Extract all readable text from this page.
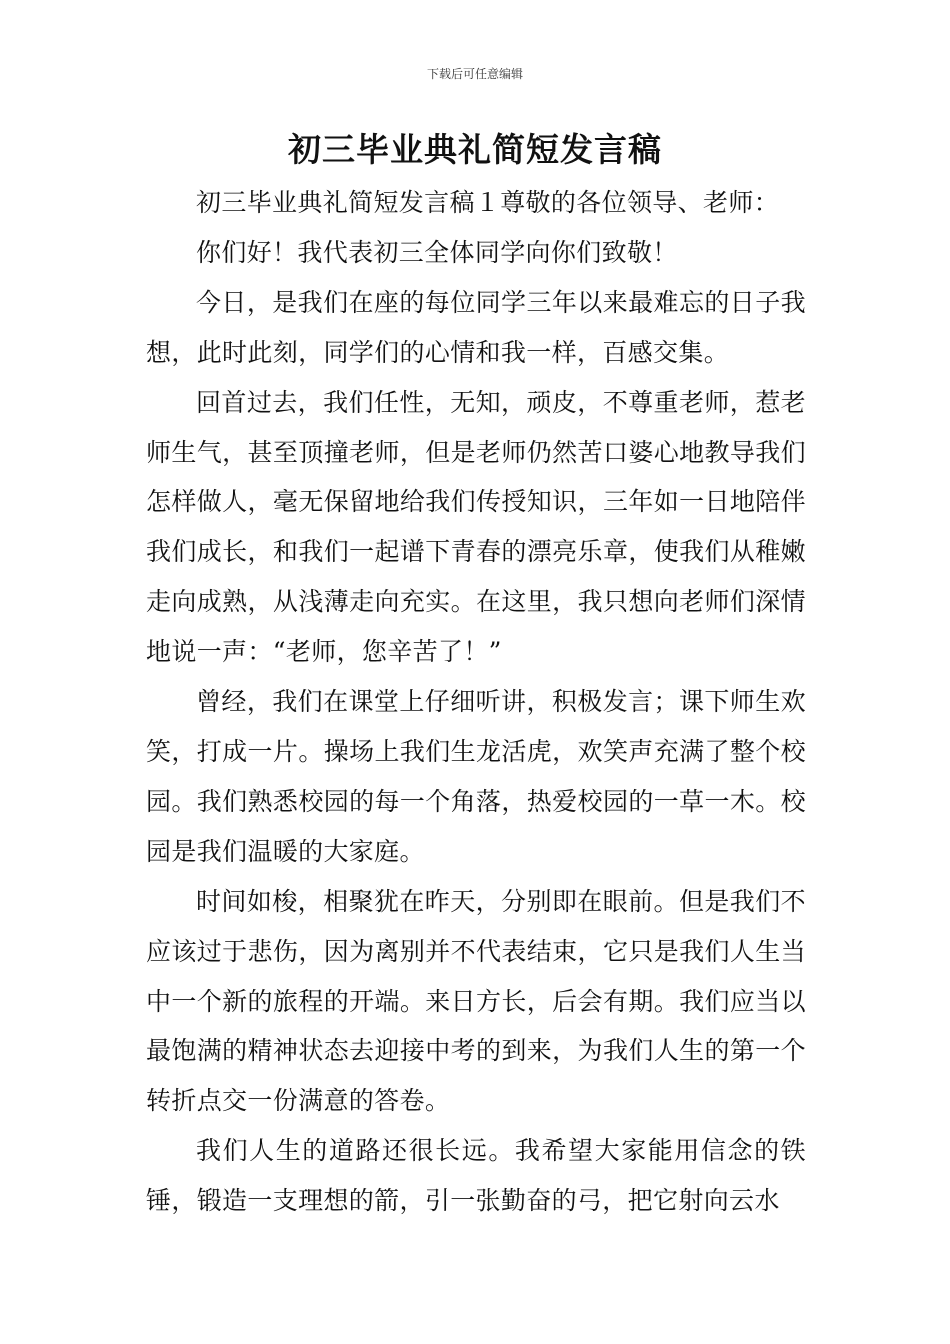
下载后可任意编辑
初三毕业典礼简短发言稿

初三毕业典礼简短发言稿１尊敬的各位领导、老师：

你们好！我代表初三全体同学向你们致敬！

今日，是我们在座的每位同学三年以来最难忘的日子我想，此时此刻，同学们的心情和我一样，百感交集。

回首过去，我们任性，无知，顽皮，不尊重老师，惹老师生气，甚至顶撞老师，但是老师仍然苦口婆心地教导我们怎样做人，毫无保留地给我们传授知识，三年如一日地陪伴我们成长，和我们一起谱下青春的漂亮乐章，使我们从稚嫩走向成熟，从浅薄走向充实。在这里，我只想向老师们深情地说一声：“老师，您辛苦了！”

曾经，我们在课堂上仔细听讲，积极发言；课下师生欢笑，打成一片。操场上我们生龙活虎，欢笑声充满了整个校园。我们熟悉校园的每一个角落，热爱校园的一草一木。校园是我们温暖的大家庭。

时间如梭，相聚犹在昨天，分别即在眼前。但是我们不应该过于悲伤，因为离别并不代表结束，它只是我们人生当中一个新的旅程的开端。来日方长，后会有期。我们应当以最饱满的精神状态去迎接中考的到来，为我们人生的第一个转折点交一份满意的答卷。

我们人生的道路还很长远。我希望大家能用信念的铁锤，锻造一支理想的箭，引一张勤奋的弓，把它射向云水
